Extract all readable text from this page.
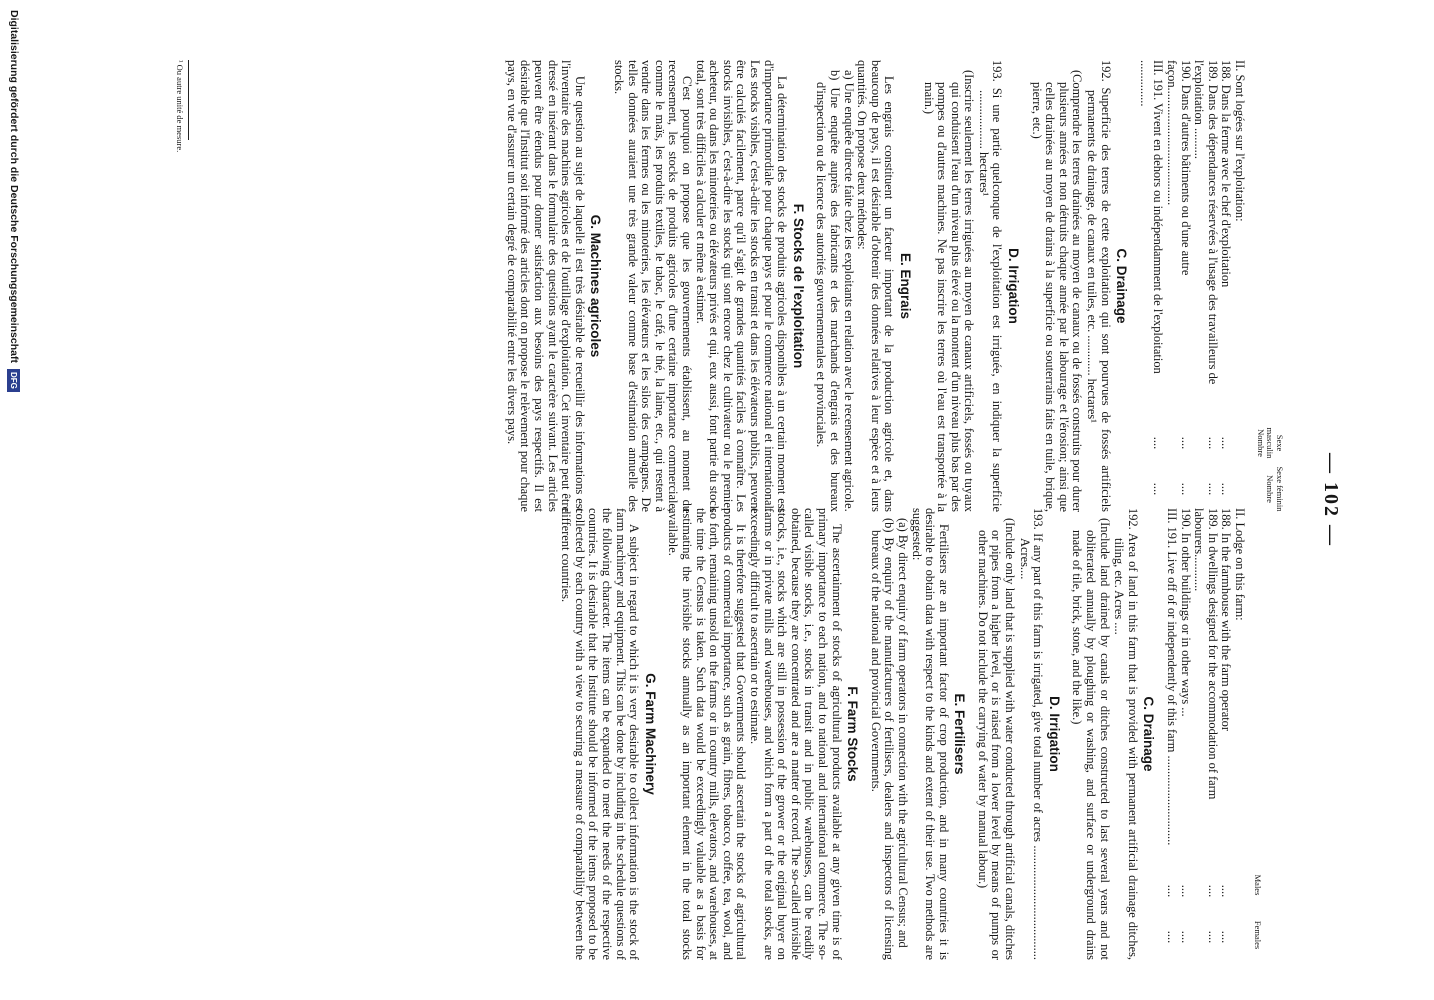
— 102 —
Sexe masculin Nombre
Sexe féminin Nombre
II. Sont logées sur l'exploitation:
188. Dans la ferme avec le chef d'exploitation
....
....
189. Dans des dépendances réservées à l'usage des travailleurs de l'exploitation ..........
....
....
190. Dans d'autres bâtiments ou d'une autre façon......................................
....
....
III. 191. Vivent en dehors ou indépendamment de l'exploitation ...............
....
....
C. Drainage
192. Superficie des terres de cette exploitation qui sont pourvues de fossés artificiels permanents de drainage, de canaux en tuiles, etc. ............. hectares¹
(Comprendre les terres drainées au moyen de canaux ou de fossés construits pour durer plusieurs années et non détruits chaque année par le labourage et l'érosion; ainsi que celles drainées au moyen de drains à la superficie ou souterrains faits en tuile, brique, pierre, etc.)
D. Irrigation
193. Si une partie quelconque de l'exploitation est irriguée, en indiquer la superficie ................... hectares¹
(Inscrire seulement les terres irriguées au moyen de canaux artificiels, fossés ou tuyaux qui conduisent l'eau d'un niveau plus élevé ou la montent d'un niveau plus bas par des pompes ou d'autres machines. Ne pas inscrire les terres où l'eau est transportée à la main.)
E. Engrais

Les engrais constituent un facteur important de la production agricole et, dans beaucoup de pays, il est désirable d'obtenir des données relatives à leur espèce et à leurs quantités. On propose deux méthodes:

a) Une enquête directe faite chez les exploitants en relation avec le recensement agricole.
b) Une enquête auprès des fabricants et des marchands d'engrais et des bureaux d'inspection ou de licence des autorités gouvernementales et provinciales.
F. Stocks de l'exploitation

La détermination des stocks de produits agricoles disponibles à un certain moment est d'importance primordiale pour chaque pays et pour le commerce national et international. Les stocks visibles, c'est-à-dire les stocks en transit et dans les élévateurs publics, peuvent être calculés facilement, parce qu'il s'agit de grandes quantités faciles à connaître. Les stocks invisibles, c'est-à-dire les stocks qui sont encore chez le cultivateur ou le premier acheteur, ou dans les minoteries ou élévateurs privés et qui, eux aussi, font partie du stock total, sont très difficiles à calculer et même à estimer.

C'est pourquoi on propose que les gouvernements établissent, au moment du recensement, les stocks de produits agricoles d'une certaine importance commerciale, comme le maïs, les produits textiles, le tabac, le café, le thé, la laine, etc., qui restent à vendre dans les fermes ou les minoteries, les élévateurs et les silos des campagnes. De telles données auraient une très grande valeur comme base d'estimation annuelle des stocks.

G. Machines agricoles

Une question au sujet de laquelle il est très désirable de recueillir des informations est l'inventaire des machines agricoles et de l'outillage d'exploitation. Cet inventaire peut être dressé en insérant dans le formulaire des questions ayant le caractère suivant. Les articles peuvent être étendus pour donner satisfaction aux besoins des pays respectifs. Il est désirable que l'Institut soit informé des articles dont on propose le relèvement pour chaque pays, en vue d'assurer un certain degré de comparabilité entre les divers pays.

Males
Females
II. Lodge on this farm:
188. In the farmhouse with the farm operator
....
....
189. In dwellings designed for the accommodation of farm labourers............
....
....
190. In other buildings or in other ways ...
....
....
III. 191. Live off of or independently of this farm .............................
....
....
C. Drainage
192. Area of land in this farm that is provided with permanent artificial drainage ditches, tiling, etc. Acres ....
(Include land drained by canals or ditches constructed to last several years and not obliterated annually by ploughing or washing, and surface or underground drains made of tile, brick, stone, and the like.)
D. Irrigation
193. If any part of this farm is irrigated, give total number of acres ..................................... Acres....
(Include only land that is supplied with water conducted through artificial canals, ditches or pipes from a higher level, or is raised from a lower level by means of pumps or other machines. Do not include the carrying of water by manual labour.)
E. Fertilisers

Fertilisers are an important factor of crop production, and in many countries it is desirable to obtain data with respect to the kinds and extent of their use. Two methods are suggested:

(a) By direct enquiry of farm operators in connection with the agricultural Census; and
(b) By enquiry of the manufacturers of fertilisers, dealers and inspectors of licensing bureaux of the national and provincial Governments.
F. Farm Stocks

The ascertainment of stocks of agricultural products available at any given time is of primary importance to each nation, and to national and international commerce. The so-called visible stocks, i.e., stocks in transit and in public warehouses, can be readily obtained, because they are concentrated and are a matter of record. The so-called invisible stocks, i.e., stocks which are still in possession of the grower or the original buyer on farms or in private mills and warehouses, and which form a part of the total stocks, are exceedingly difficult to ascertain or to estimate.

It is therefore suggested that Governments should ascertain the stocks of agricultural products of commercial importance, such as grain, fibres, tobacco, coffee, tea, wool, and so forth, remaining unsold on the farms or in country mills, elevators, and warehouses, at the time the Census is taken. Such data would be exceedingly valuable as a basis for estimating the invisible stocks annually as an important element in the total stocks available.

G. Farm Machinery

A subject in regard to which it is very desirable to collect information is the stock of farm machinery and equipment. This can be done by including in the schedule questions of the following character. The items can be expanded to meet the needs of the respective countries. It is desirable that the Institute should be informed of the items proposed to be collected by each country with a view to securing a measure of comparability between the different countries.

¹ Ou autre unité de mesure.
Digitalisierung gefördert durch die Deutsche Forschungsgemeinschaft
DFG
